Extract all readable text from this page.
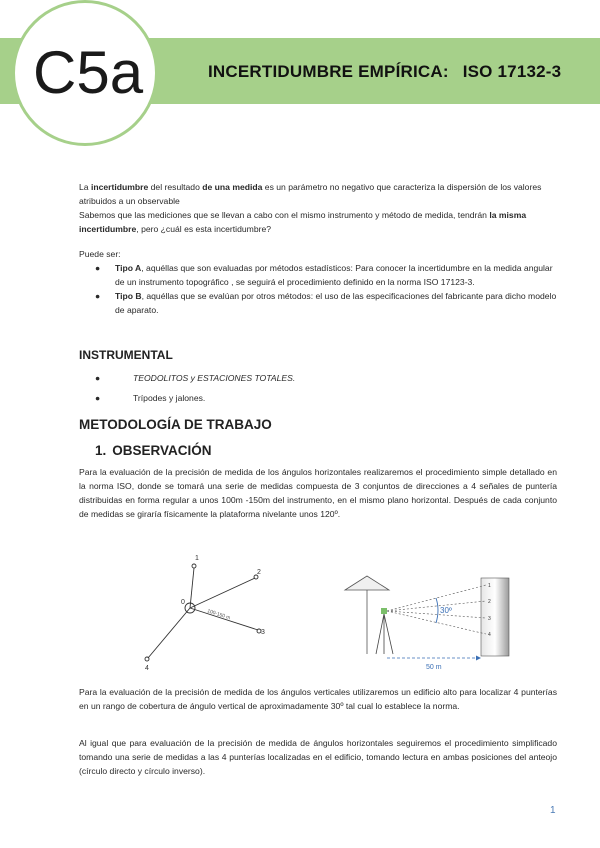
C5a	INCERTIDUMBRE EMPÍRICA: ISO 17132-3
La incertidumbre del resultado de una medida es un parámetro no negativo que caracteriza la dispersión de los valores atribuidos a un observable
Sabemos que las mediciones que se llevan a cabo con el mismo instrumento y método de medida, tendrán la misma incertidumbre, pero ¿cuál es esta incertidumbre?
Puede ser:
● Tipo A, aquéllas que son evaluadas por métodos estadísticos: Para conocer la incertidumbre en la medida angular de un instrumento topográfico , se seguirá el procedimiento definido en la norma ISO 17123-3.
● Tipo B, aquéllas que se evalúan por otros métodos: el uso de las especificaciones del fabricante para dicho modelo de aparato.
INSTRUMENTAL
●	TEODOLITOS y ESTACIONES TOTALES.
●	Trípodes y jalones.
METODOLOGÍA DE TRABAJO
1. OBSERVACIÓN
Para la evaluación de la precisión de medida de los ángulos horizontales realizaremos el procedimiento simple detallado en la norma ISO, donde se tomará una serie de medidas compuesta de 3 conjuntos de direcciones a 4 señales de puntería distribuidas en forma regular a unos 100m -150m del instrumento, en el mismo plano horizontal. Después de cada conjunto de medidas se giraría físicamente la plataforma nivelante unos 120º.
0
1
2
3
4
100-150 m
1
2
3
4
30º
50 m
Para la evaluación de la precisión de medida de los ángulos verticales utilizaremos un edificio alto para localizar 4 punterías en un rango de cobertura de ángulo vertical de aproximadamente 30º tal cual lo establece la norma.
Al igual que para evaluación de la precisión de medida de ángulos horizontales seguiremos el procedimiento simplificado tomando una serie de medidas a las 4 punterías localizadas en el edificio, tomando lectura en ambas posiciones del anteojo (círculo directo y círculo inverso).
1
